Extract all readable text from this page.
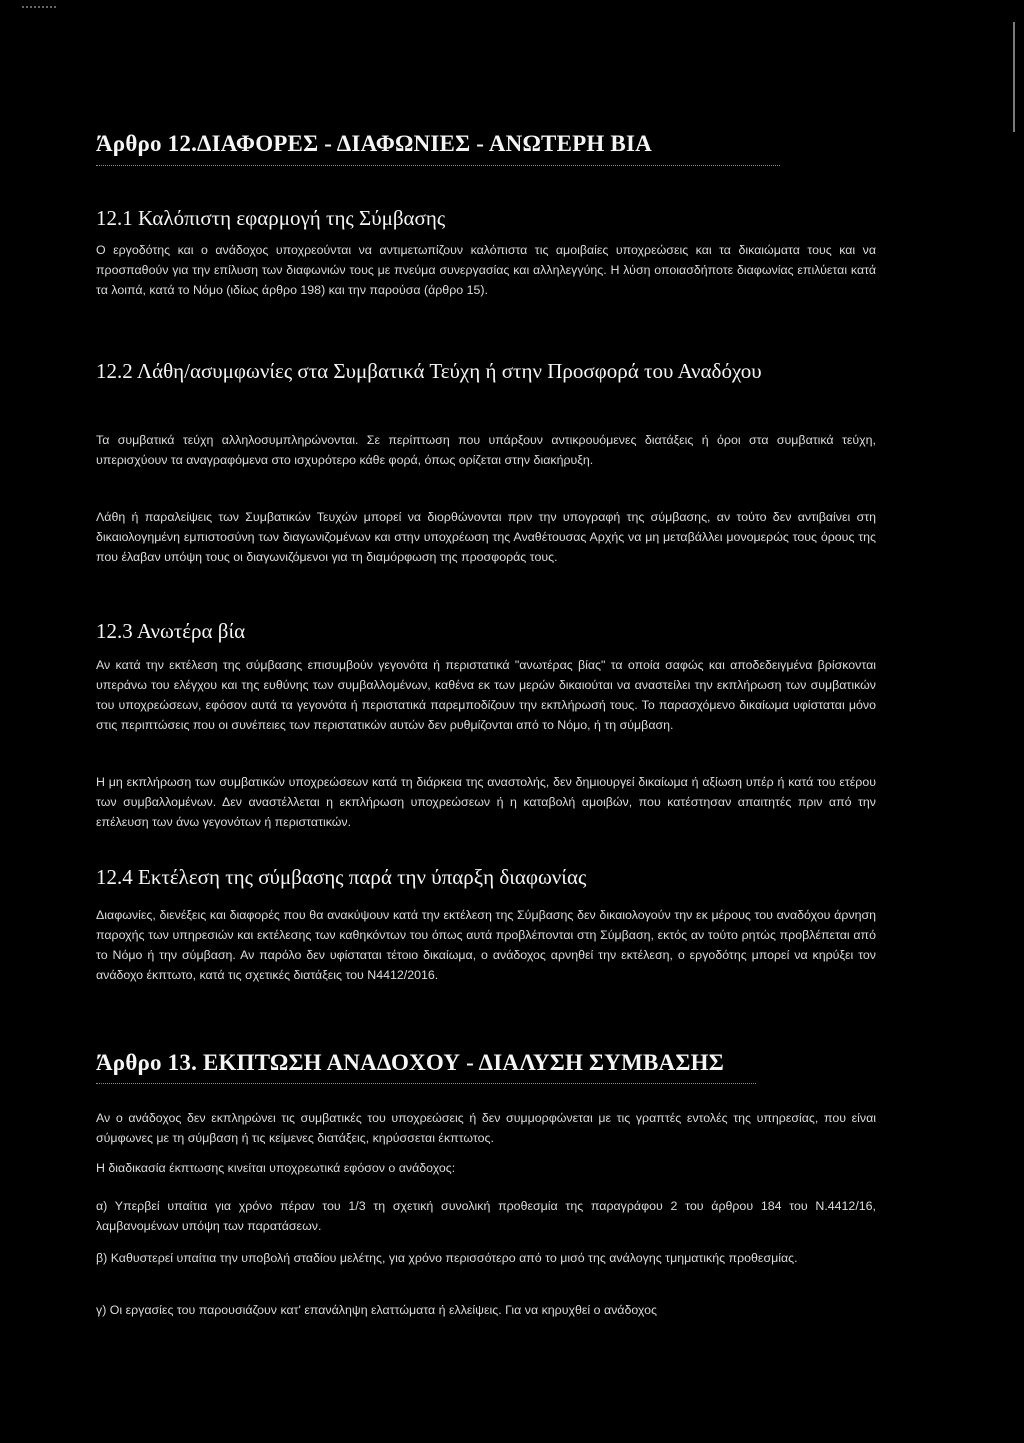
Άρθρο 12.ΔΙΑΦΟΡΕΣ - ΔΙΑΦΩΝΙΕΣ - ΑΝΩΤΕΡΗ ΒΙΑ
12.1 Καλόπιστη εφαρμογή της Σύμβασης

Ο εργοδότης και ο ανάδοχος υποχρεούνται να αντιμετωπίζουν καλόπιστα τις αμοιβαίες υποχρεώσεις και τα δικαιώματα τους και να προσπαθούν για την επίλυση των διαφωνιών τους με πνεύμα συνεργασίας και αλληλεγγύης. Η λύση οποιασδήποτε διαφωνίας επιλύεται κατά τα λοιπά, κατά το Νόμο (ιδίως άρθρο 198) και την παρούσα (άρθρο 15).

12.2 Λάθη/ασυμφωνίες στα Συμβατικά Τεύχη ή στην Προσφορά του Αναδόχου

Τα συμβατικά τεύχη αλληλοσυμπληρώνονται. Σε περίπτωση που υπάρξουν αντικρουόμενες διατάξεις ή όροι στα συμβατικά τεύχη, υπερισχύουν τα αναγραφόμενα στο ισχυρότερο κάθε φορά, όπως ορίζεται στην διακήρυξη.

Λάθη ή παραλείψεις των Συμβατικών Τευχών μπορεί να διορθώνονται πριν την υπογραφή της σύμβασης, αν τούτο δεν αντιβαίνει στη δικαιολογημένη εμπιστοσύνη των διαγωνιζομένων και στην υποχρέωση της Αναθέτουσας Αρχής να μη μεταβάλλει μονομερώς τους όρους της που έλαβαν υπόψη τους οι διαγωνιζόμενοι για τη διαμόρφωση της προσφοράς τους.

12.3 Ανωτέρα βία

Αν κατά την εκτέλεση της σύμβασης επισυμβούν γεγονότα ή περιστατικά "ανωτέρας βίας" τα οποία σαφώς και αποδεδειγμένα βρίσκονται υπεράνω του ελέγχου και της ευθύνης των συμβαλλομένων, καθένα εκ των μερών δικαιούται να αναστείλει την εκπλήρωση των συμβατικών του υποχρεώσεων, εφόσον αυτά τα γεγονότα ή περιστατικά παρεμποδίζουν την εκπλήρωσή τους. Το παρασχόμενο δικαίωμα υφίσταται μόνο στις περιπτώσεις που οι συνέπειες των περιστατικών αυτών δεν ρυθμίζονται από το Νόμο, ή τη σύμβαση.

Η μη εκπλήρωση των συμβατικών υποχρεώσεων κατά τη διάρκεια της αναστολής, δεν δημιουργεί δικαίωμα ή αξίωση υπέρ ή κατά του ετέρου των συμβαλλομένων. Δεν αναστέλλεται η εκπλήρωση υποχρεώσεων ή η καταβολή αμοιβών, που κατέστησαν απαιτητές πριν από την επέλευση των άνω γεγονότων ή περιστατικών.

12.4 Εκτέλεση της σύμβασης παρά την ύπαρξη διαφωνίας

Διαφωνίες, διενέξεις και διαφορές που θα ανακύψουν κατά την εκτέλεση της Σύμβασης δεν δικαιολογούν την εκ μέρους του αναδόχου άρνηση παροχής των υπηρεσιών και εκτέλεσης των καθηκόντων του όπως αυτά προβλέπονται στη Σύμβαση, εκτός αν τούτο ρητώς προβλέπεται από το Νόμο ή την σύμβαση. Αν παρόλο δεν υφίσταται τέτοιο δικαίωμα, ο ανάδοχος αρνηθεί την εκτέλεση, ο εργοδότης μπορεί να κηρύξει τον ανάδοχο έκπτωτο, κατά τις σχετικές διατάξεις του Ν4412/2016.

Άρθρο 13. ΕΚΠΤΩΣΗ ΑΝΑΔΟΧΟΥ - ΔΙΑΛΥΣΗ ΣΥΜΒΑΣΗΣ

Αν ο ανάδοχος δεν εκπληρώνει τις συμβατικές του υποχρεώσεις ή δεν συμμορφώνεται με τις γραπτές εντολές της υπηρεσίας, που είναι σύμφωνες με τη σύμβαση ή τις κείμενες διατάξεις, κηρύσσεται έκπτωτος.

Η διαδικασία έκπτωσης κινείται υποχρεωτικά εφόσον ο ανάδοχος:

α) Υπερβεί υπαίτια για χρόνο πέραν του 1/3 τη σχετική συνολική προθεσμία της παραγράφου 2 του άρθρου 184 του Ν.4412/16, λαμβανομένων υπόψη των παρατάσεων.

β) Καθυστερεί υπαίτια την υποβολή σταδίου μελέτης, για χρόνο περισσότερο από το μισό της ανάλογης τμηματικής προθεσμίας.

γ) Οι εργασίες του παρουσιάζουν κατ' επανάληψη ελαττώματα ή ελλείψεις. Για να κηρυχθεί ο ανάδοχος
